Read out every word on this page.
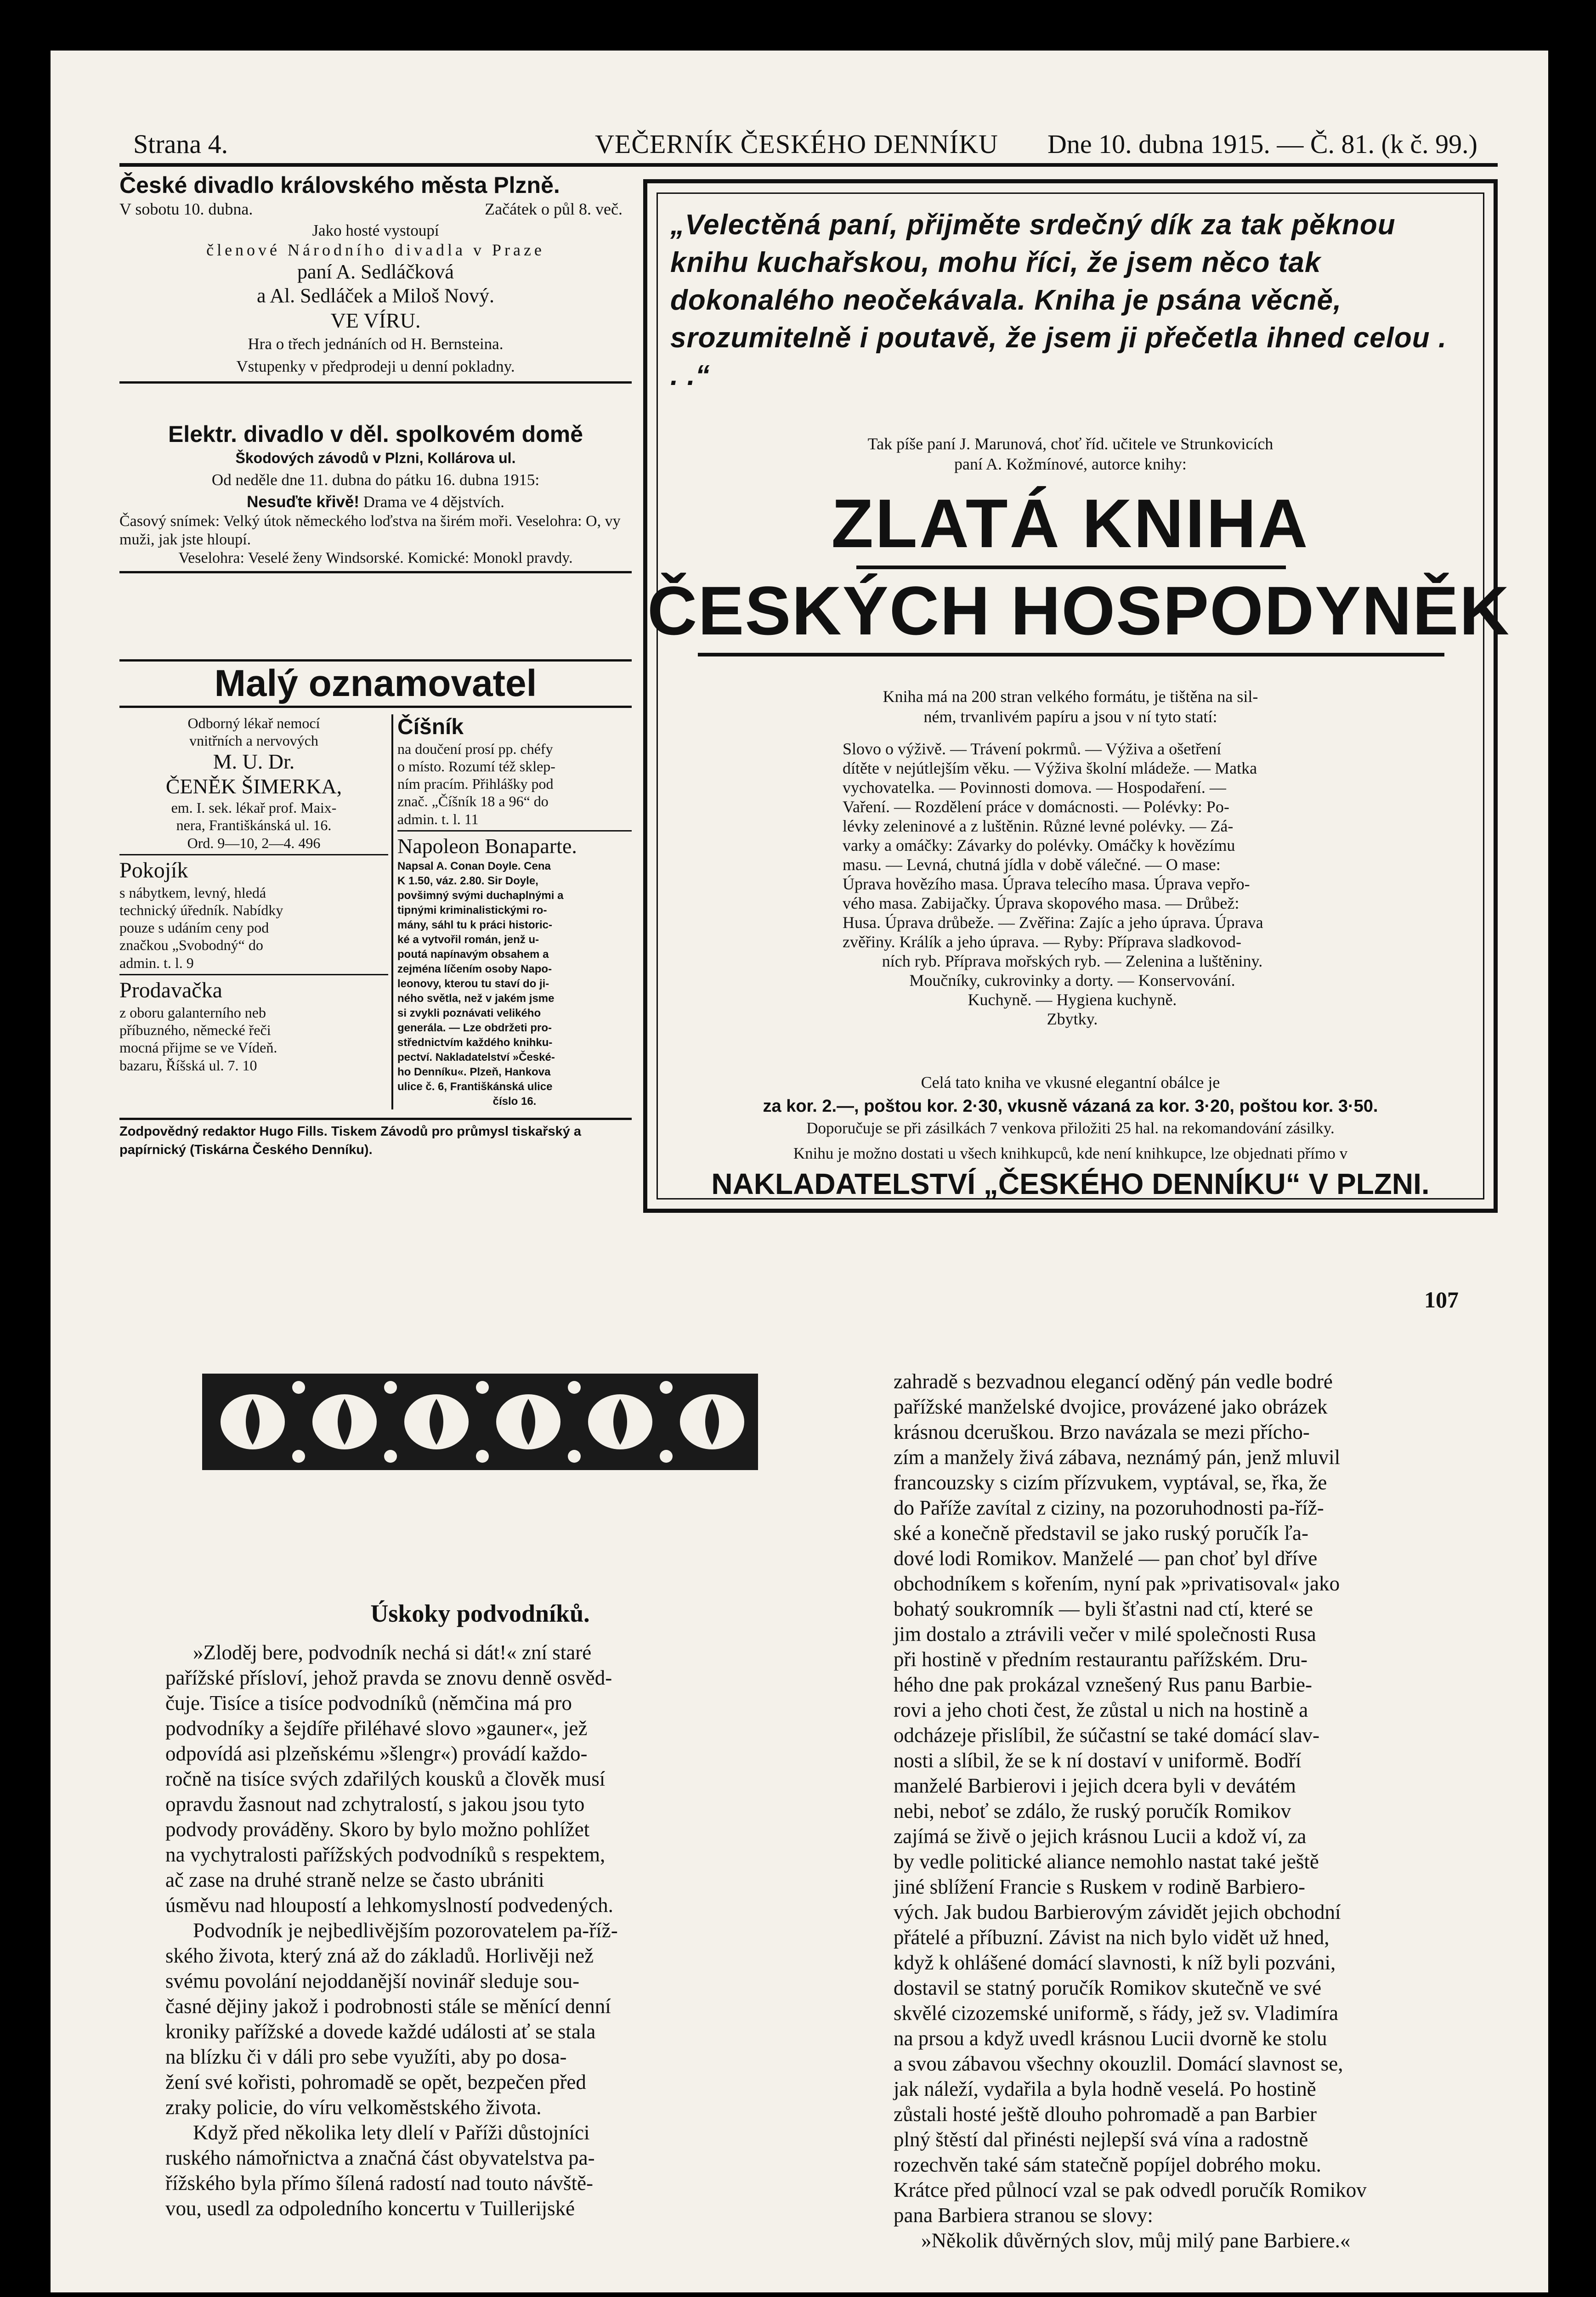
Strana 4.	VEČERNÍK ČESKÉHO DENNÍKU Dne 10. dubna 1915. — Č. 81. (k č. 99.)
České divadlo královského města Plzně.
V sobotu 10. dubna.	Začátek o půl 8. več.
Jako hosté vystoupí
členové Národního divadla v Praze
paní A. Sedláčková
a Al. Sedláček a Miloš Nový.
VE VÍRU.
Hra o třech jednáních od H. Bernsteina.
Vstupenky v předprodeji u denní pokladny.
Elektr. divadlo v děl. spolkovém domě
Škodových závodů v Plzni, Kollárova ul.
Od neděle dne 11. dubna do pátku 16. dubna 1915:
Nesuďte křivě! Drama ve 4 dějstvích.
Časový snímek: Velký útok německého loďstva na širém moři. Veselohra: O, vy muži, jak jste hloupí.
Veselohra: Veselé ženy Windsorské. Komické: Monokl pravdy.
Malý oznamovatel
Odborný lékař nemocí
vnitřních a nervových
M. U. Dr.
ČENĚK ŠIMERKA,
em. I. sek. lékař prof. Maix-
nera, Františkánská ul. 16.
Ord. 9—10, 2—4. 496
Pokojík
s nábytkem, levný, hledá
technický úředník. Nabídky
pouze s udáním ceny pod
značkou „Svobodný“ do
admin. t. l. 9
Prodavačka
z oboru galanterního neb
příbuzného, německé řeči
mocná přijme se ve Vídeň.
bazaru, Říšská ul. 7. 10
Číšník
na doučení prosí pp. chéfy
o místo. Rozumí též sklep-
ním pracím. Přihlášky pod
znač. „Číšník 18 a 96“ do
admin. t. l. 11
Napoleon Bonaparte.
Napsal A. Conan Doyle. Cena
K 1.50, váz. 2.80. Sir Doyle,
povšimný svými duchaplnými a
tipnými kriminalistickými ro-
mány, sáhl tu k práci historic-
ké a vytvořil román, jenž u-
poutá napínavým obsahem a
zejména líčením osoby Napo-
leonovy, kterou tu staví do ji-
ného světla, než v jakém jsme
si zvykli poznávati velikého
generála. — Lze obdržeti pro-
střednictvím každého knihku-
pectví. Nakladatelství »České-
ho Denníku«. Plzeň, Hankova
ulice č. 6, Františkánská ulice
číslo 16.
Zodpovědný redaktor Hugo Fills. Tiskem Závodů pro průmysl tiskařský a papírnický (Tiskárna Českého Denníku).
„Velectěná paní, přijměte srdečný dík za tak pěknou knihu kuchařskou, mohu říci, že jsem něco tak dokonalého neočekávala. Kniha je psána věcně, srozumitelně i poutavě, že jsem ji přečetla ihned celou . . .“
Tak píše paní J. Marunová, choť říd. učitele ve Strunkovicích
paní A. Kožmínové, autorce knihy:
ZLATÁ KNIHA
ČESKÝCH HOSPODYNĚK
Kniha má na 200 stran velkého formátu, je tištěna na sil-
ném, trvanlivém papíru a jsou v ní tyto statí:
Slovo o výživě. — Trávení pokrmů. — Výživa a ošetření
dítěte v nejútlejším věku. — Výživa školní mládeže. — Matka
vychovatelka. — Povinnosti domova. — Hospodaření. —
Vaření. — Rozdělení práce v domácnosti. — Polévky: Po-
lévky zeleninové a z luštěnin. Různé levné polévky. — Zá-
varky a omáčky: Závarky do polévky. Omáčky k hovězímu
masu. — Levná, chutná jídla v době válečné. — O mase:
Úprava hovězího masa. Úprava telecího masa. Úprava vepřo-
vého masa. Zabijačky. Úprava skopového masa. — Drůbež:
Husa. Úprava drůbeže. — Zvěřina: Zajíc a jeho úprava. Úprava
zvěřiny. Králík a jeho úprava. — Ryby: Příprava sladkovod-
ních ryb. Příprava mořských ryb. — Zelenina a luštěniny.
Moučníky, cukrovinky a dorty. — Konservování.
Kuchyně. — Hygiena kuchyně.
Zbytky.
Celá tato kniha ve vkusné elegantní obálce je
za kor. 2.—, poštou kor. 2·30, vkusně vázaná za kor. 3·20, poštou kor. 3·50.
Doporučuje se při zásilkách 7 venkova přiložiti 25 hal. na rekomandování zásilky.
Knihu je možno dostati u všech knihkupců, kde není knihkupce, lze objednati přímo v
NAKLADATELSTVÍ „ČESKÉHO DENNÍKU“ V PLZNI.
107
Úskoky podvodníků.
»Zloděj bere, podvodník nechá si dát!« zní staré
pařížské přísloví, jehož pravda se znovu denně osvěd-
čuje. Tisíce a tisíce podvodníků (němčina má pro
podvodníky a šejdíře přiléhavé slovo »gauner«, jež
odpovídá asi plzeňskému »šlengr«) provádí každo-
ročně na tisíce svých zdařilých kousků a člověk musí
opravdu žasnout nad zchytralostí, s jakou jsou tyto
podvody prováděny. Skoro by bylo možno pohlížet
na vychytralosti pařížských podvodníků s respektem,
ač zase na druhé straně nelze se často ubrániti
úsměvu nad hloupostí a lehkomyslností podvedených.
Podvodník je nejbedlivějším pozorovatelem pa-říž-
ského života, který zná až do základů. Horlivěji než
svému povolání nejoddanější novinář sleduje sou-
časné dějiny jakož i podrobnosti stále se měnící denní
kroniky pařížské a dovede každé události ať se stala
na blízku či v dáli pro sebe využíti, aby po dosa-
žení své kořisti, pohromadě se opět, bezpečen před
zraky policie, do víru velkoměstského života.
Když před několika lety dlelí v Paříži důstojníci
ruského námořnictva a značná část obyvatelstva pa-
řížského byla přímo šílená radostí nad touto návště-
vou, usedl za odpoledního koncertu v Tuillerijské
zahradě s bezvadnou elegancí oděný pán vedle bodré
pařížské manželské dvojice, provázené jako obrázek
krásnou dceruškou. Brzo navázala se mezi přícho-
zím a manžely živá zábava, neznámý pán, jenž mluvil
francouzsky s cizím přízvukem, vyptával, se, řka, že
do Paříže zavítal z ciziny, na pozoruhodnosti pa-říž-
ské a konečně představil se jako ruský poručík ľa-
dové lodi Romikov. Manželé — pan choť byl dříve
obchodníkem s kořením, nyní pak »privatisoval« jako
bohatý soukromník — byli šťastni nad ctí, které se
jim dostalo a ztrávili večer v milé společnosti Rusa
při hostině v předním restaurantu pařížském. Dru-
hého dne pak prokázal vznešený Rus panu Barbie-
rovi a jeho choti čest, že zůstal u nich na hostině a
odcházeje přislíbil, že súčastní se také domácí slav-
nosti a slíbil, že se k ní dostaví v uniformě. Bodří
manželé Barbierovi i jejich dcera byli v devátém
nebi, neboť se zdálo, že ruský poručík Romikov
zajímá se živě o jejich krásnou Lucii a kdož ví, za
by vedle politické aliance nemohlo nastat také ještě
jiné sblížení Francie s Ruskem v rodině Barbiero-
vých. Jak budou Barbierovým závidět jejich obchodní
přátelé a příbuzní. Závist na nich bylo vidět už hned,
když k ohlášené domácí slavnosti, k níž byli pozváni,
dostavil se statný poručík Romikov skutečně ve své
skvělé cizozemské uniformě, s řády, jež sv. Vladimíra
na prsou a když uvedl krásnou Lucii dvorně ke stolu
a svou zábavou všechny okouzlil. Domácí slavnost se,
jak náleží, vydařila a byla hodně veselá. Po hostině
zůstali hosté ještě dlouho pohromadě a pan Barbier
plný štěstí dal přinésti nejlepší svá vína a radostně
rozechvěn také sám statečně popíjel dobrého moku.
Krátce před půlnocí vzal se pak odvedl poručík Romikov
pana Barbiera stranou se slovy:
»Několik důvěrných slov, můj milý pane Barbiere.«
